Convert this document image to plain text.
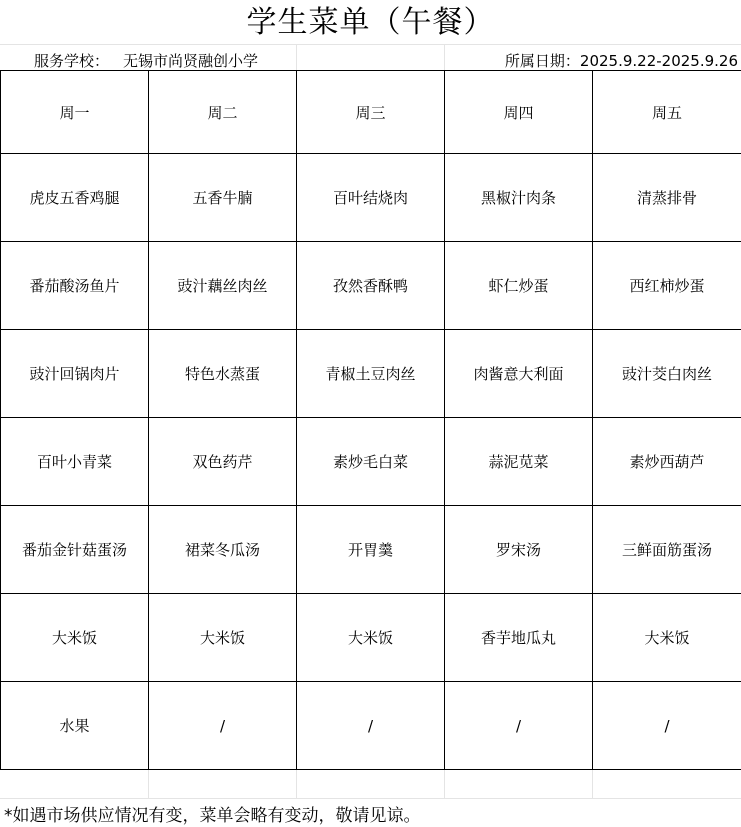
学生菜单（午餐）
服务学校： 无锡市尚贤融创小学	所属日期：2025.9.22-2025.9.26
周一	周二	周三	周四	周五
虎皮五香鸡腿	五香牛腩	百叶结烧肉	黑椒汁肉条	清蒸排骨
番茄酸汤鱼片	豉汁藕丝肉丝	孜然香酥鸭	虾仁炒蛋	西红柿炒蛋
豉汁回锅肉片	特色水蒸蛋	青椒土豆肉丝	肉酱意大利面	豉汁茭白肉丝
百叶小青菜	双色药芹	素炒毛白菜	蒜泥苋菜	素炒西葫芦
番茄金针菇蛋汤	裙菜冬瓜汤	开胃羹	罗宋汤	三鲜面筋蛋汤
大米饭	大米饭	大米饭	香芋地瓜丸	大米饭
水果	/	/	/	/
*如遇市场供应情况有变，菜单会略有变动，敬请见谅。
